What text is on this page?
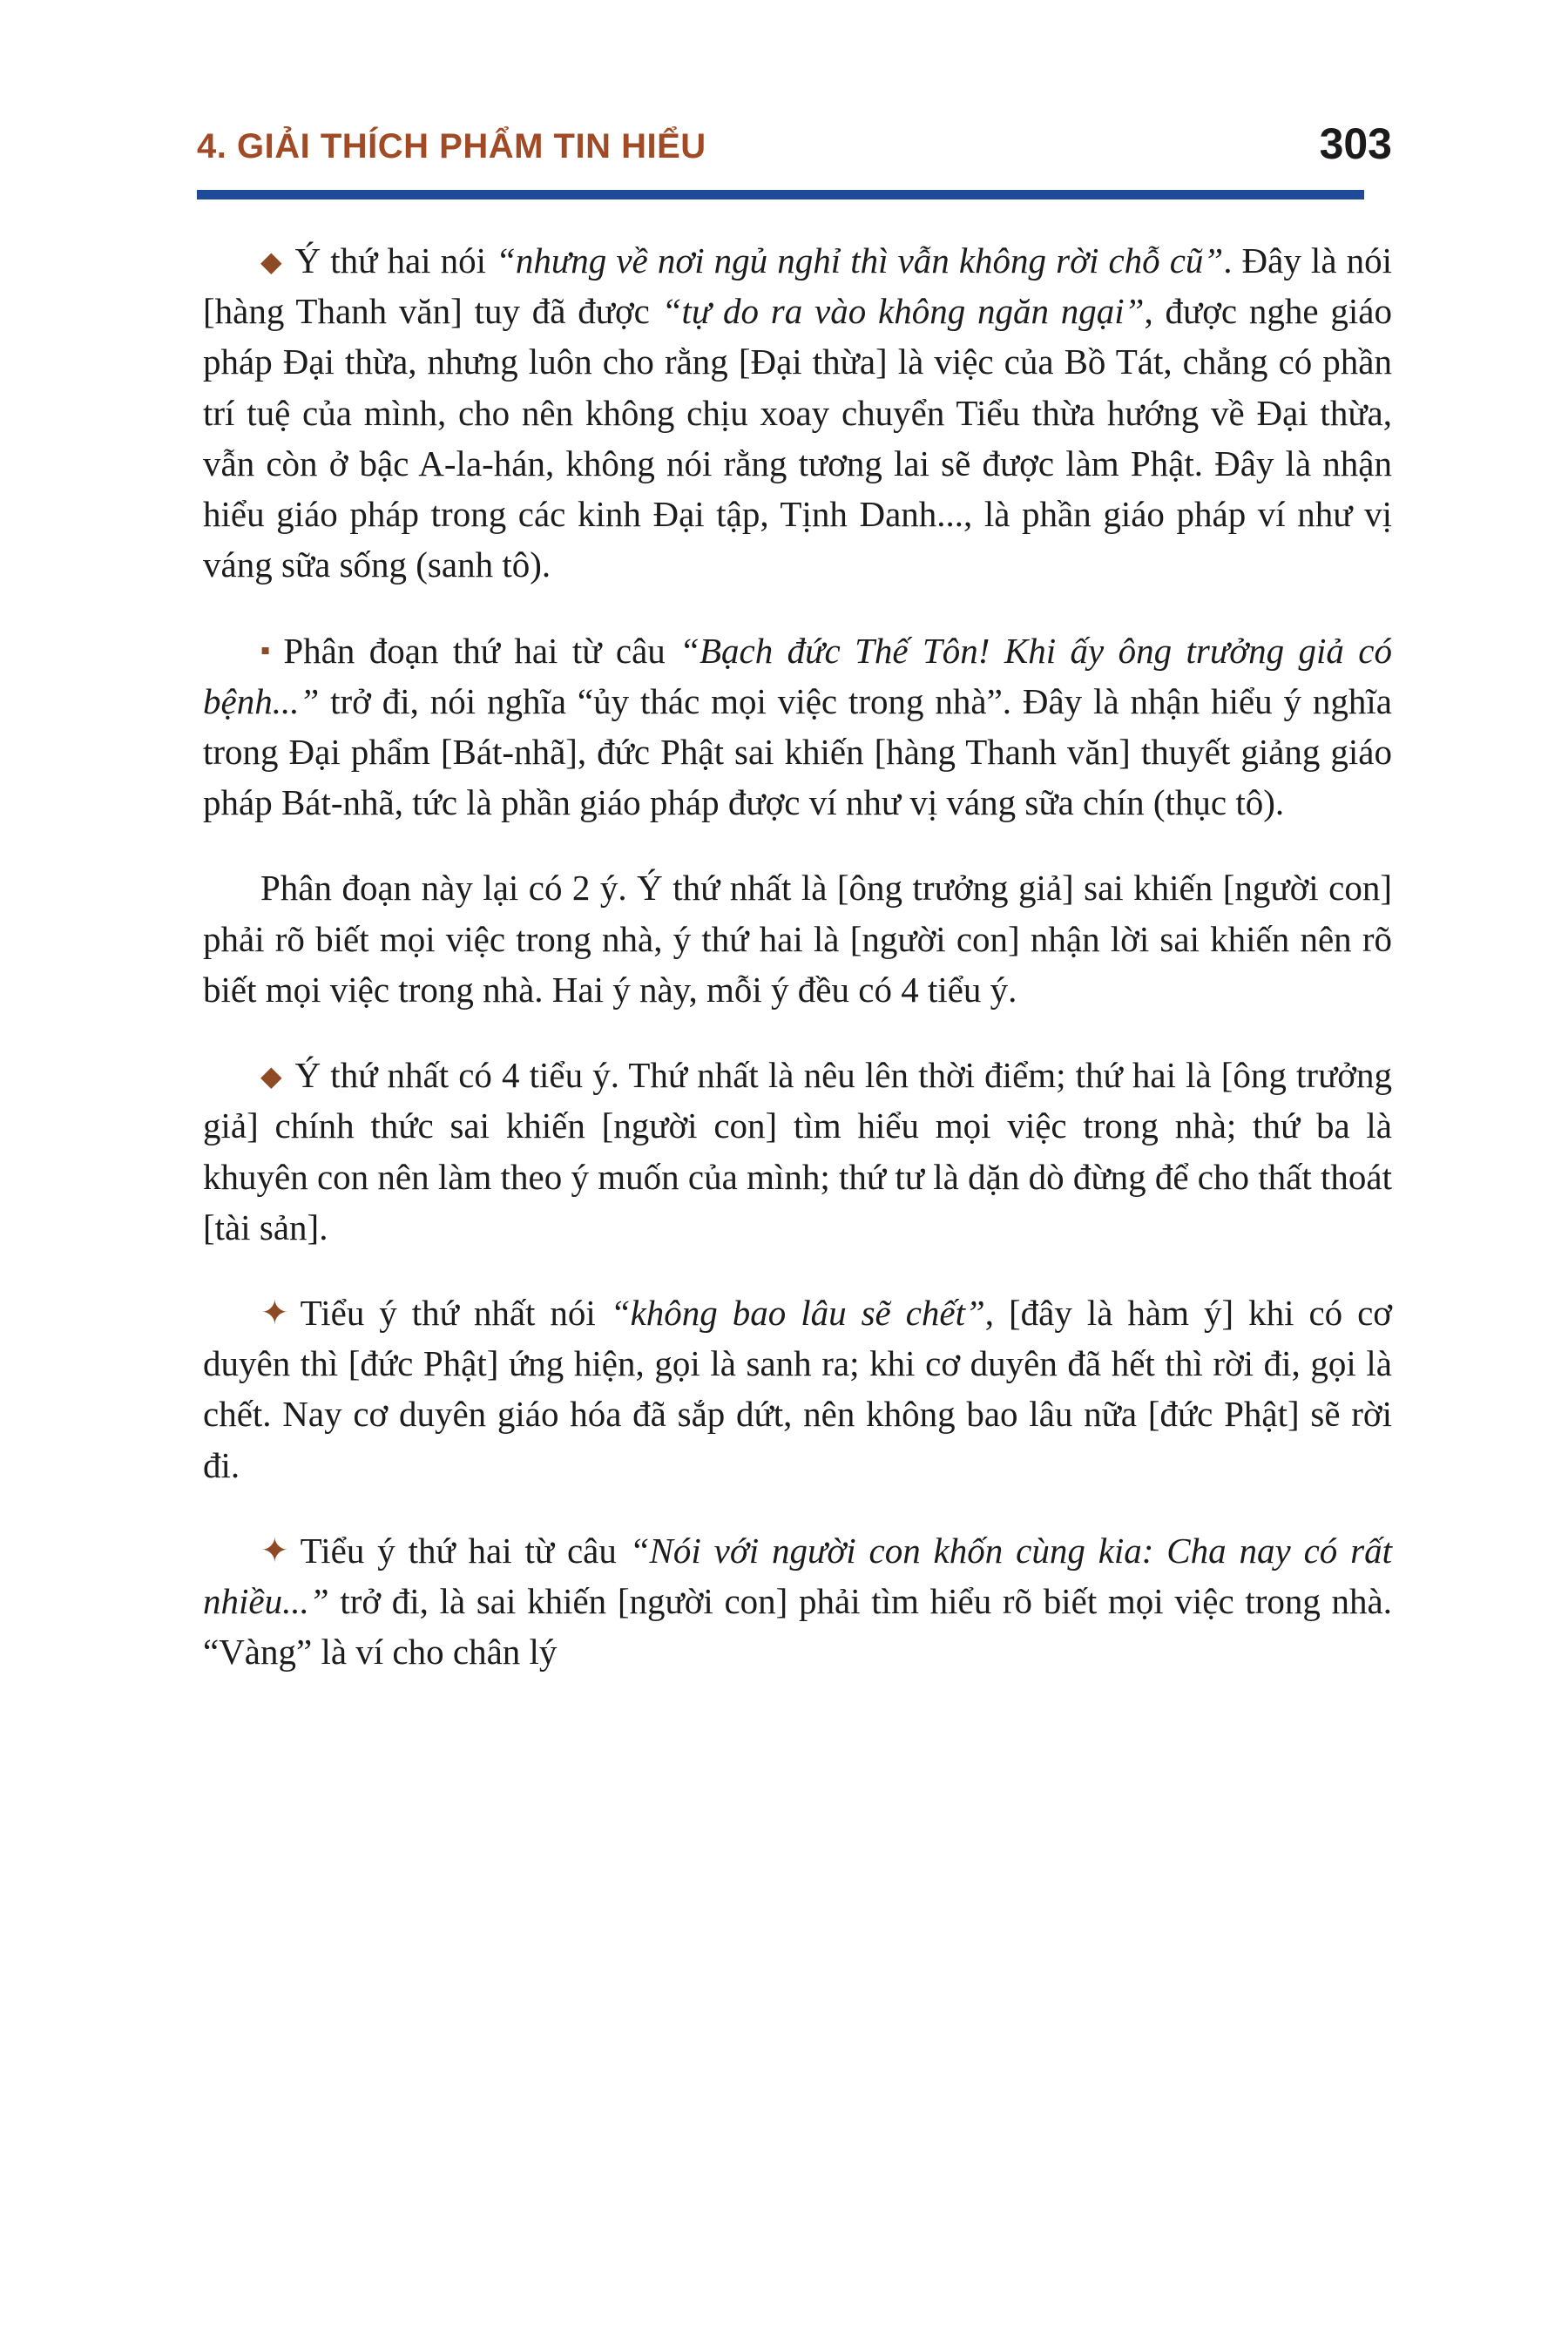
4. GIẢI THÍCH PHẨM TIN HIỂU	303

◆ Ý thứ hai nói “nhưng về nơi ngủ nghỉ thì vẫn không rời chỗ cũ”. Đây là nói [hàng Thanh văn] tuy đã được “tự do ra vào không ngăn ngại”, được nghe giáo pháp Đại thừa, nhưng luôn cho rằng [Đại thừa] là việc của Bồ Tát, chẳng có phần trí tuệ của mình, cho nên không chịu xoay chuyển Tiểu thừa hướng về Đại thừa, vẫn còn ở bậc A-la-hán, không nói rằng tương lai sẽ được làm Phật. Đây là nhận hiểu giáo pháp trong các kinh Đại tập, Tịnh Danh..., là phần giáo pháp ví như vị váng sữa sống (sanh tô).

▪ Phân đoạn thứ hai từ câu “Bạch đức Thế Tôn! Khi ấy ông trưởng giả có bệnh...” trở đi, nói nghĩa “ủy thác mọi việc trong nhà”. Đây là nhận hiểu ý nghĩa trong Đại phẩm [Bát-nhã], đức Phật sai khiến [hàng Thanh văn] thuyết giảng giáo pháp Bát-nhã, tức là phần giáo pháp được ví như vị váng sữa chín (thục tô).

Phân đoạn này lại có 2 ý. Ý thứ nhất là [ông trưởng giả] sai khiến [người con] phải rõ biết mọi việc trong nhà, ý thứ hai là [người con] nhận lời sai khiến nên rõ biết mọi việc trong nhà. Hai ý này, mỗi ý đều có 4 tiểu ý.

◆ Ý thứ nhất có 4 tiểu ý. Thứ nhất là nêu lên thời điểm; thứ hai là [ông trưởng giả] chính thức sai khiến [người con] tìm hiểu mọi việc trong nhà; thứ ba là khuyên con nên làm theo ý muốn của mình; thứ tư là dặn dò đừng để cho thất thoát [tài sản].

✦ Tiểu ý thứ nhất nói “không bao lâu sẽ chết”, [đây là hàm ý] khi có cơ duyên thì [đức Phật] ứng hiện, gọi là sanh ra; khi cơ duyên đã hết thì rời đi, gọi là chết. Nay cơ duyên giáo hóa đã sắp dứt, nên không bao lâu nữa [đức Phật] sẽ rời đi.

✦ Tiểu ý thứ hai từ câu “Nói với người con khốn cùng kia: Cha nay có rất nhiều...” trở đi, là sai khiến [người con] phải tìm hiểu rõ biết mọi việc trong nhà. “Vàng” là ví cho chân lý
